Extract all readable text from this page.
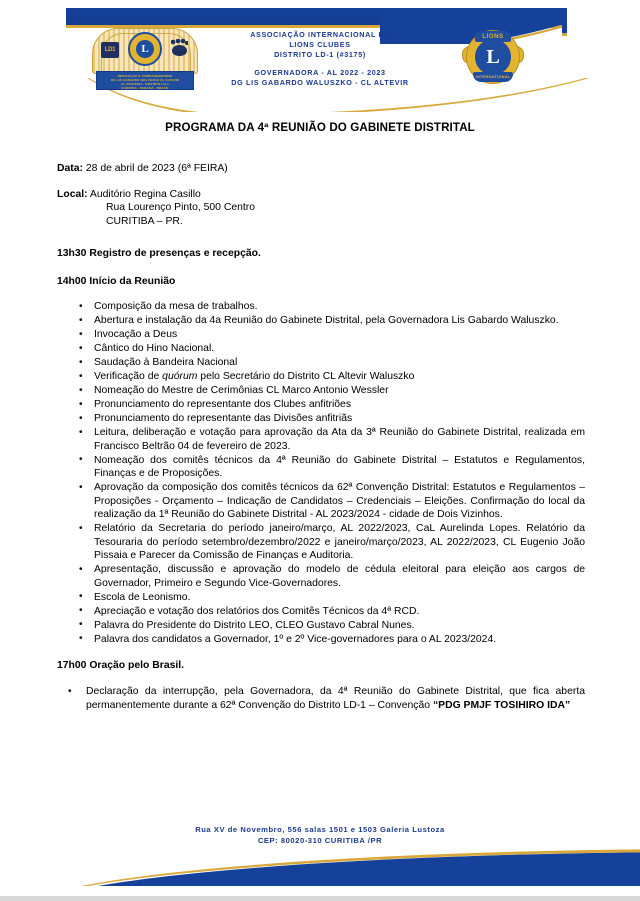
LD1
L
DEDICAÇÃO E COMPANHEIRISMO
DG LIS GABARDO WALUSZKO CL ALTEVIR
AL 2022/2023 - DISTRITO LD-1
CURITIBA - PARANÁ - BRASIL
ASSOCIAÇÃO INTERNACIONAL DE
LIONS CLUBES
DISTRITO LD-1 (#3175)
GOVERNADORA - AL 2022 - 2023
DG LIS GABARDO WALUSZKO - CL ALTEVIR
L
LIONS
INTERNATIONAL
PROGRAMA DA 4ª REUNIÃO DO GABINETE DISTRITAL
Data: 28 de abril de 2023 (6ª FEIRA)
Local: Auditório Regina Casillo
Rua Lourenço Pinto, 500 Centro
CURITIBA – PR.
13h30 Registro de presenças e recepção.
14h00 Início da Reunião
• Composição da mesa de trabalhos.
• Abertura e instalação da 4a Reunião do Gabinete Distrital, pela Governadora Lis Gabardo Waluszko.
• Invocação a Deus
• Cântico do Hino Nacional.
• Saudação à Bandeira Nacional
• Verificação de quórum pelo Secretário do Distrito CL Altevir Waluszko
• Nomeação do Mestre de Cerimônias CL Marco Antonio Wessler
• Pronunciamento do representante dos Clubes anfitriões
• Pronunciamento do representante das Divisões anfitriãs
• Leitura, deliberação e votação para aprovação da Ata da 3ª Reunião do Gabinete Distrital, realizada em Francisco Beltrão 04 de fevereiro de 2023.
• Nomeação dos comitês técnicos da 4ª Reunião do Gabinete Distrital – Estatutos e Regulamentos, Finanças e de Proposições.
• Aprovação da composição dos comitês técnicos da 62ª Convenção Distrital: Estatutos e Regulamentos – Proposições - Orçamento – Indicação de Candidatos – Credenciais – Eleições. Confirmação do local da realização da 1ª Reunião do Gabinete Distrital - AL 2023/2024 - cidade de Dois Vizinhos.
• Relatório da Secretaria do período janeiro/março, AL 2022/2023, CaL Aurelinda Lopes. Relatório da Tesouraria do período setembro/dezembro/2022 e janeiro/março/2023, AL 2022/2023, CL Eugenio João Pissaia e Parecer da Comissão de Finanças e Auditoria.
• Apresentação, discussão e aprovação do modelo de cédula eleitoral para eleição aos cargos de Governador, Primeiro e Segundo Vice-Governadores.
• Escola de Leonismo.
• Apreciação e votação dos relatórios dos Comitês Técnicos da 4ª RCD.
• Palavra do Presidente do Distrito LEO, CLEO Gustavo Cabral Nunes.
• Palavra dos candidatos a Governador, 1º e 2º Vice-governadores para o AL 2023/2024.
17h00 Oração pelo Brasil.
• Declaração da interrupção, pela Governadora, da 4ª Reunião do Gabinete Distrital, que fica aberta permanentemente durante a 62ª Convenção do Distrito LD-1 – Convenção “PDG PMJF TOSIHIRO IDA”
Rua XV de Novembro, 556 salas 1501 e 1503 Galeria Lustoza
CEP: 80020-310 CURITIBA /PR
